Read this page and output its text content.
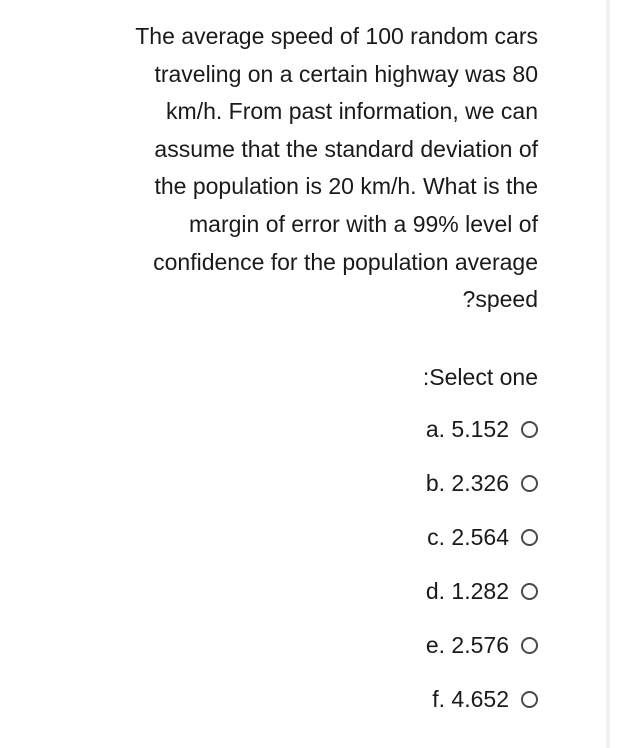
The average speed of 100 random cars
traveling on a certain highway was 80
km/h. From past information, we can
assume that the standard deviation of
the population is 20 km/h. What is the
margin of error with a 99% level of
confidence for the population average
?speed
:Select one
a. 5.152
b. 2.326
c. 2.564
d. 1.282
e. 2.576
f. 4.652
